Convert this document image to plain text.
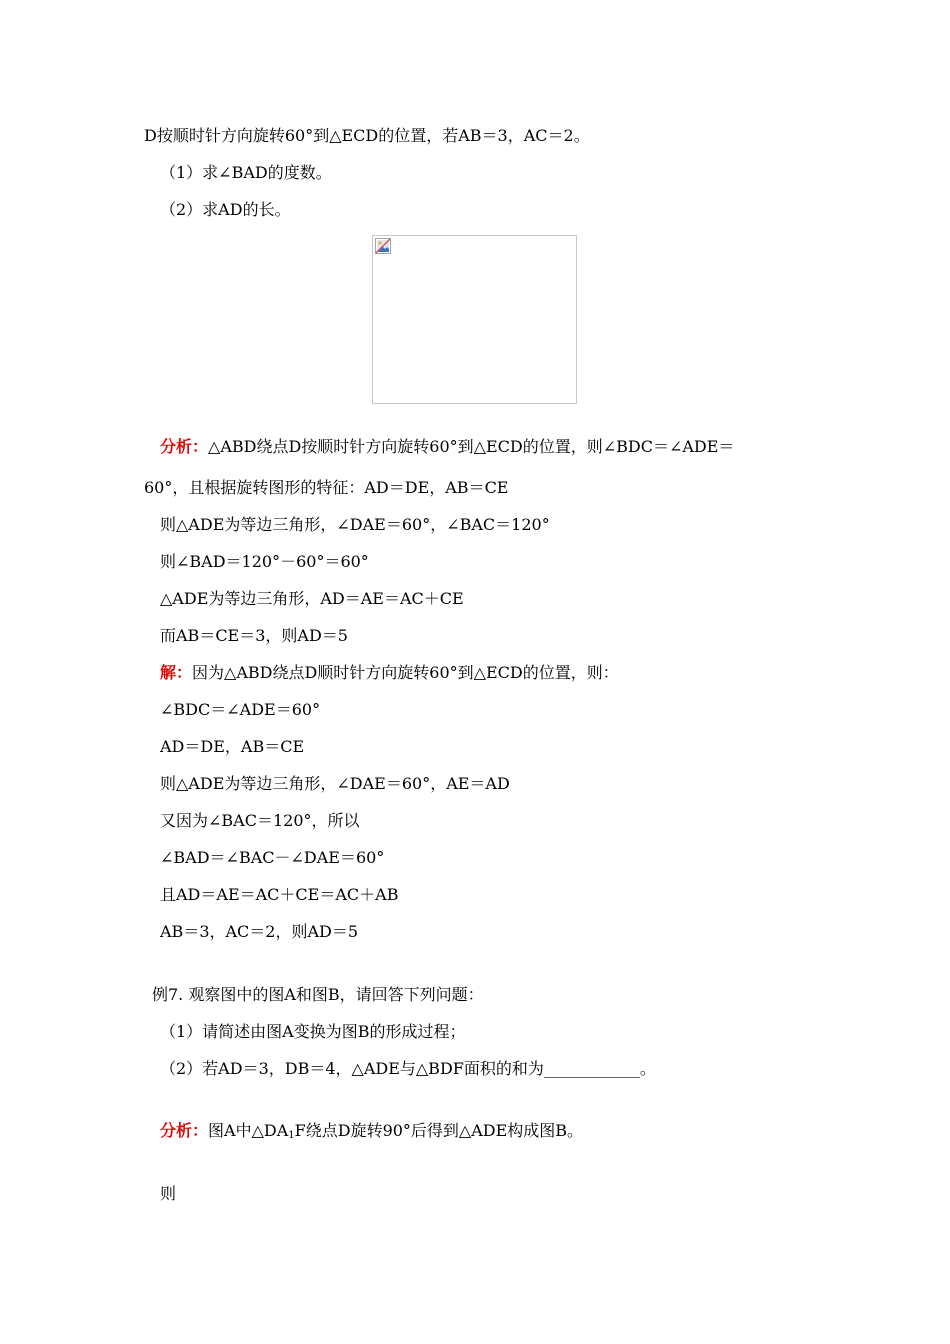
D按顺时针方向旋转60°到△ECD的位置，若AB＝3，AC＝2。
（1）求∠BAD的度数。
（2）求AD的长。
分析：△ABD绕点D按顺时针方向旋转60°到△ECD的位置，则∠BDC＝∠ADE＝
60°，且根据旋转图形的特征：AD＝DE，AB＝CE
则△ADE为等边三角形，∠DAE＝60°，∠BAC＝120°
则∠BAD＝120°－60°＝60°
△ADE为等边三角形，AD＝AE＝AC＋CE
而AB＝CE＝3，则AD＝5
解：因为△ABD绕点D顺时针方向旋转60°到△ECD的位置，则：
∠BDC＝∠ADE＝60°
AD＝DE，AB＝CE
则△ADE为等边三角形，∠DAE＝60°，AE＝AD
又因为∠BAC＝120°，所以
∠BAD＝∠BAC－∠DAE＝60°
且AD＝AE＝AC＋CE＝AC＋AB
AB＝3，AC＝2，则AD＝5
例7. 观察图中的图A和图B，请回答下列问题：
（1）请简述由图A变换为图B的形成过程；
（2）若AD＝3，DB＝4，△ADE与△BDF面积的和为____________。
分析：图A中$\triangle DA_1F$绕点D旋转90°后得到△ADE构成图B。
则
